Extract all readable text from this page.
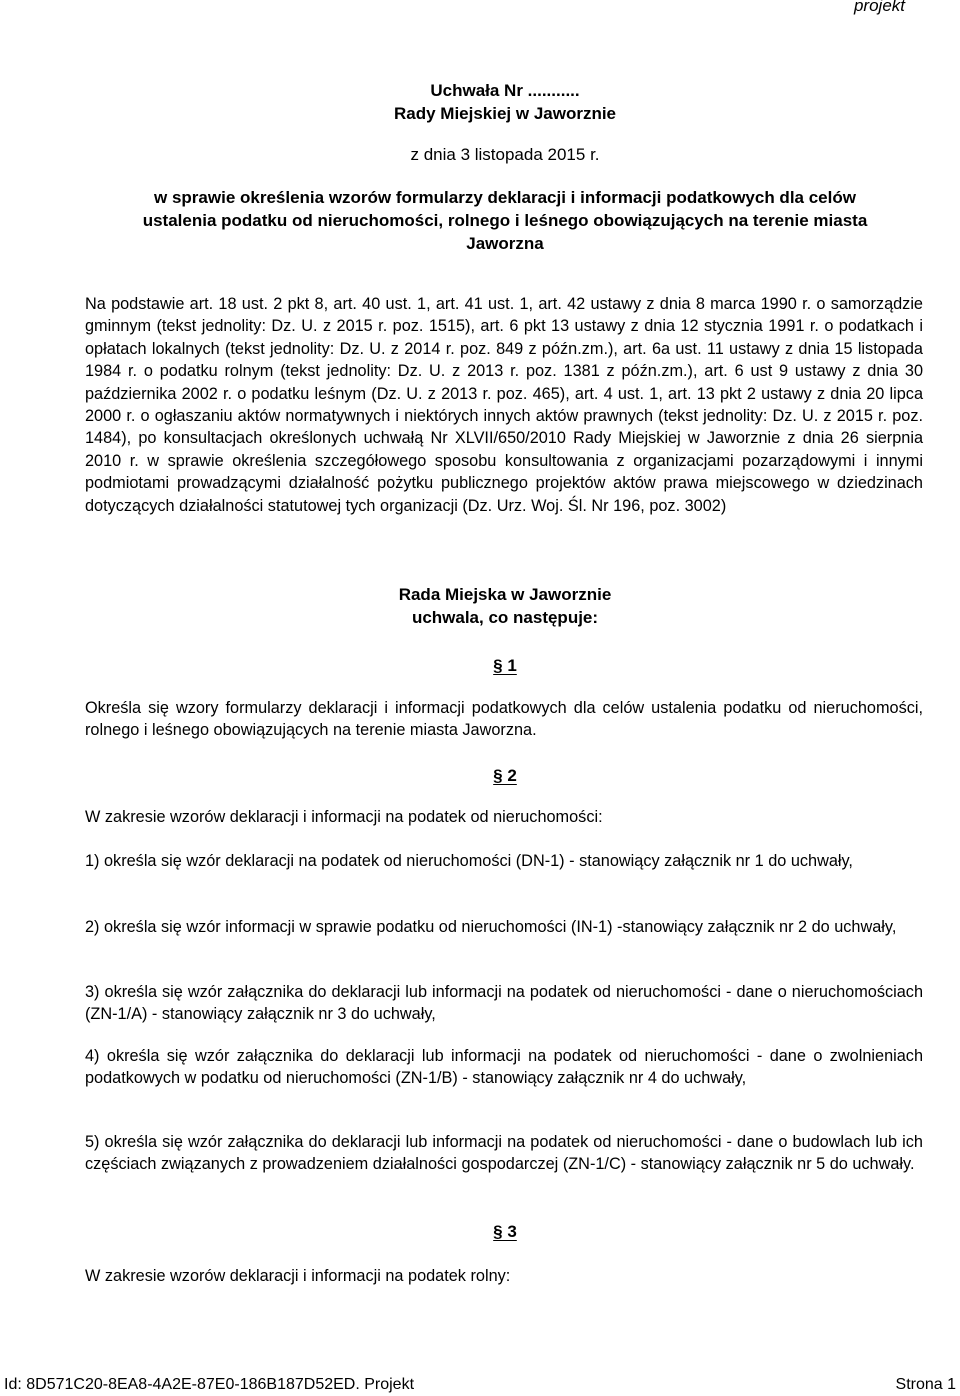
projekt
Uchwała Nr ...........
Rady Miejskiej w Jaworznie
z dnia 3 listopada 2015 r.
w sprawie określenia wzorów formularzy deklaracji i informacji podatkowych dla celów
ustalenia podatku od nieruchomości, rolnego i leśnego obowiązujących na terenie miasta
Jaworzna
Na podstawie art. 18 ust. 2 pkt 8, art. 40 ust. 1, art. 41 ust. 1, art. 42 ustawy z dnia 8 marca 1990 r. o samorządzie gminnym (tekst jednolity: Dz. U. z 2015 r. poz. 1515), art. 6 pkt 13 ustawy z dnia 12 stycznia 1991 r. o podatkach i opłatach lokalnych (tekst jednolity: Dz. U. z 2014 r. poz. 849 z późn.zm.), art. 6a ust. 11 ustawy z dnia 15 listopada 1984 r. o podatku rolnym (tekst jednolity: Dz. U. z 2013 r. poz. 1381 z późn.zm.), art. 6 ust 9 ustawy z dnia 30 października 2002 r. o podatku leśnym (Dz. U. z 2013 r. poz. 465), art. 4 ust. 1, art. 13 pkt 2 ustawy z dnia 20 lipca 2000 r. o ogłaszaniu aktów normatywnych i niektórych innych aktów prawnych (tekst jednolity: Dz. U. z 2015 r. poz. 1484), po konsultacjach określonych uchwałą Nr XLVII/650/2010 Rady Miejskiej w Jaworznie z dnia 26 sierpnia 2010 r. w sprawie określenia szczegółowego sposobu konsultowania z organizacjami pozarządowymi i innymi podmiotami prowadzącymi działalność pożytku publicznego projektów aktów prawa miejscowego w dziedzinach dotyczących działalności statutowej tych organizacji (Dz. Urz. Woj. Śl. Nr 196, poz. 3002)
Rada Miejska w Jaworznie
uchwala, co następuje:
§ 1
Określa się wzory formularzy deklaracji i informacji podatkowych dla celów ustalenia podatku od nieruchomości, rolnego i leśnego obowiązujących na terenie miasta Jaworzna.
§ 2
W zakresie wzorów deklaracji i informacji na podatek od nieruchomości:
1) określa się wzór deklaracji na podatek od nieruchomości (DN-1) - stanowiący załącznik nr 1 do uchwały,
2) określa się wzór informacji w sprawie podatku od nieruchomości (IN-1) -stanowiący załącznik nr 2 do uchwały,
3) określa się wzór załącznika do deklaracji lub informacji na podatek od nieruchomości - dane o nieruchomościach (ZN-1/A) - stanowiący załącznik nr 3 do uchwały,
4) określa się wzór załącznika do deklaracji lub informacji na podatek od nieruchomości - dane o zwolnieniach podatkowych w podatku od nieruchomości (ZN-1/B) - stanowiący załącznik nr 4 do uchwały,
5) określa się wzór załącznika do deklaracji lub informacji na podatek od nieruchomości - dane o budowlach lub ich częściach związanych z prowadzeniem działalności gospodarczej (ZN-1/C) - stanowiący załącznik nr 5 do uchwały.
§ 3
W zakresie wzorów deklaracji i informacji na podatek rolny:
Id: 8D571C20-8EA8-4A2E-87E0-186B187D52ED. Projekt	Strona 1
